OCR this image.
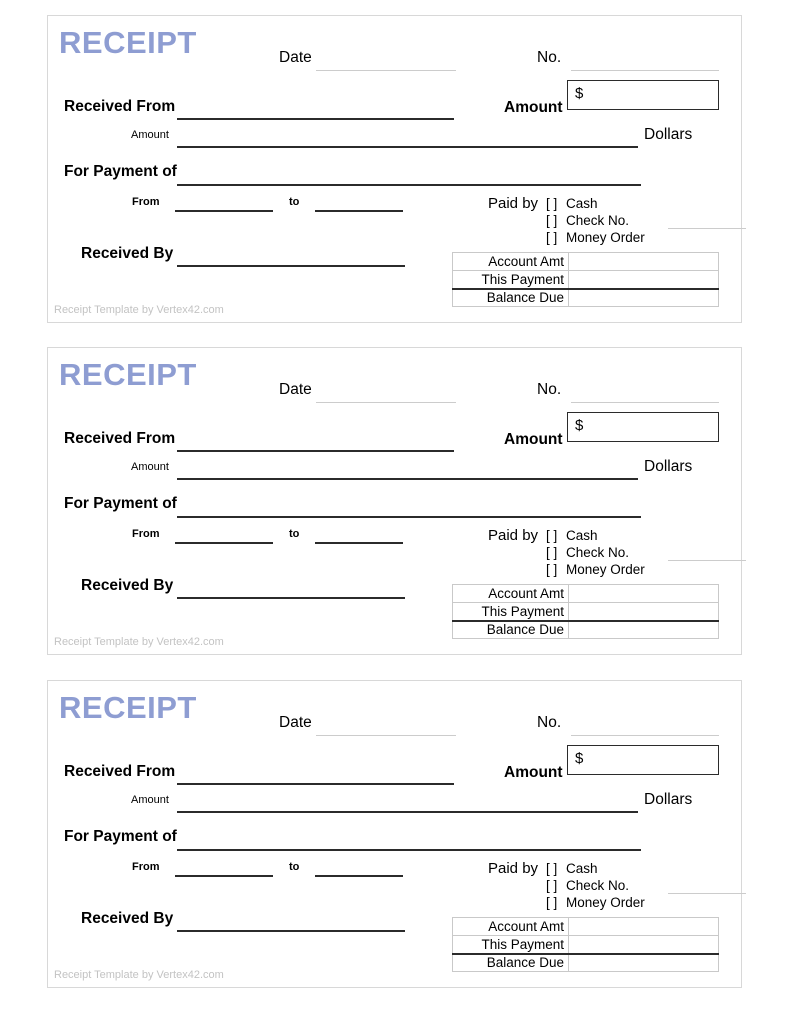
RECEIPT	Date	No.
Received From	Amount
$
Amount	Dollars
For Payment of
From	to	Paid by [ ] Cash
[ ] Check No.
[ ] Money Order
Received By	Account Amt	
This Payment	
Balance Due	
Receipt Template by Vertex42.com
RECEIPT	Date	No.
Received From	Amount
$
Amount	Dollars
For Payment of
From	to	Paid by [ ] Cash
[ ] Check No.
[ ] Money Order
Received By	Account Amt	
This Payment	
Balance Due	
Receipt Template by Vertex42.com
RECEIPT	Date	No.
Received From	Amount
$
Amount	Dollars
For Payment of
From	to	Paid by [ ] Cash
[ ] Check No.
[ ] Money Order
Received By	Account Amt	
This Payment	
Balance Due	
Receipt Template by Vertex42.com
